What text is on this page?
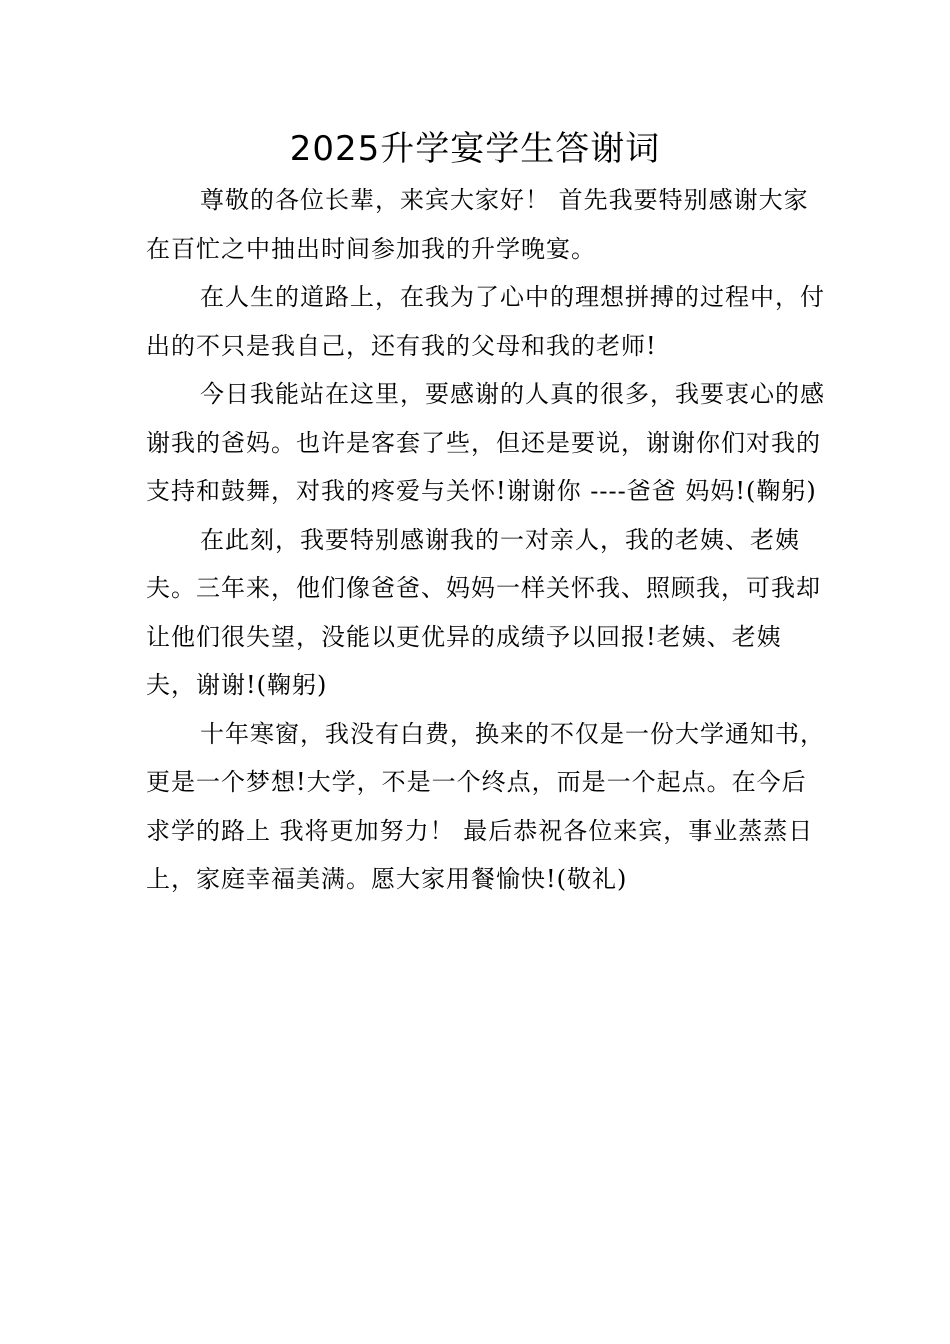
2025升学宴学生答谢词

尊敬的各位长辈，来宾大家好！ 首先我要特别感谢大家在百忙之中抽出时间参加我的升学晚宴。

在人生的道路上，在我为了心中的理想拼搏的过程中，付出的不只是我自己，还有我的父母和我的老师!

今日我能站在这里，要感谢的人真的很多，我要衷心的感谢我的爸妈。也许是客套了些，但还是要说，谢谢你们对我的支持和鼓舞，对我的疼爱与关怀!谢谢你 ----爸爸 妈妈!(鞠躬)

在此刻，我要特别感谢我的一对亲人，我的老姨、老姨夫。三年来，他们像爸爸、妈妈一样关怀我、照顾我，可我却让他们很失望，没能以更优异的成绩予以回报!老姨、老姨夫，谢谢!(鞠躬)

十年寒窗，我没有白费，换来的不仅是一份大学通知书，更是一个梦想!大学，不是一个终点，而是一个起点。在今后求学的路上 我将更加努力！ 最后恭祝各位来宾，事业蒸蒸日上，家庭幸福美满。愿大家用餐愉快!(敬礼)
